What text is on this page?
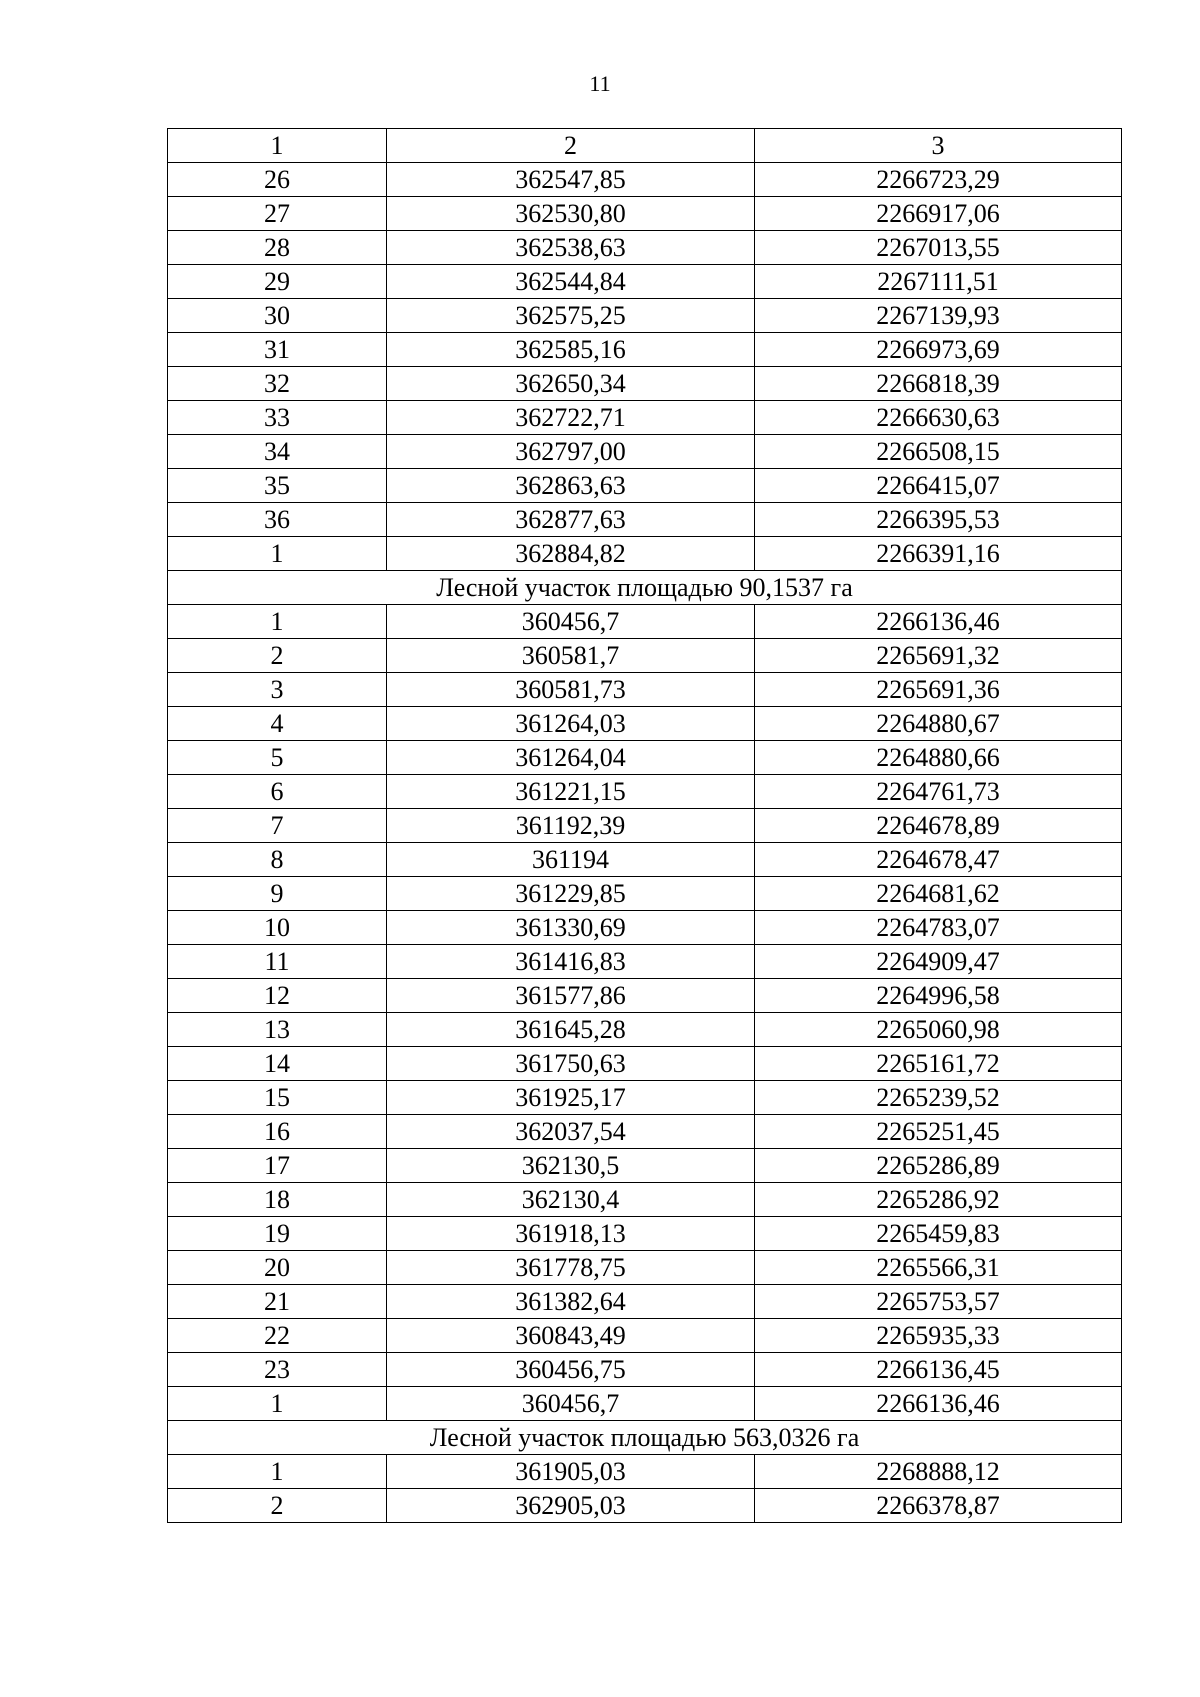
11
1	2	3
26	362547,85	2266723,29
27	362530,80	2266917,06
28	362538,63	2267013,55
29	362544,84	2267111,51
30	362575,25	2267139,93
31	362585,16	2266973,69
32	362650,34	2266818,39
33	362722,71	2266630,63
34	362797,00	2266508,15
35	362863,63	2266415,07
36	362877,63	2266395,53
1	362884,82	2266391,16
Лесной участок площадью 90,1537 га		
1	360456,7	2266136,46
2	360581,7	2265691,32
3	360581,73	2265691,36
4	361264,03	2264880,67
5	361264,04	2264880,66
6	361221,15	2264761,73
7	361192,39	2264678,89
8	361194	2264678,47
9	361229,85	2264681,62
10	361330,69	2264783,07
11	361416,83	2264909,47
12	361577,86	2264996,58
13	361645,28	2265060,98
14	361750,63	2265161,72
15	361925,17	2265239,52
16	362037,54	2265251,45
17	362130,5	2265286,89
18	362130,4	2265286,92
19	361918,13	2265459,83
20	361778,75	2265566,31
21	361382,64	2265753,57
22	360843,49	2265935,33
23	360456,75	2266136,45
1	360456,7	2266136,46
Лесной участок площадью 563,0326 га		
1	361905,03	2268888,12
2	362905,03	2266378,87
